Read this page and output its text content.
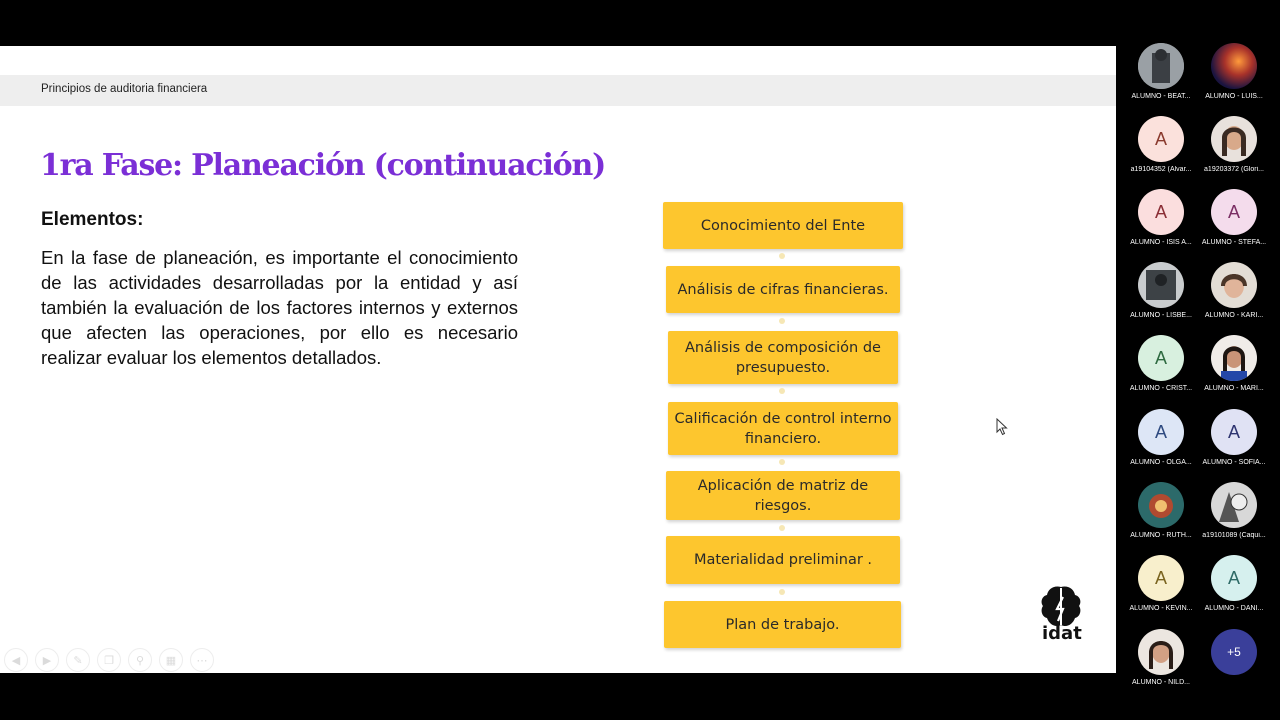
Principios de auditoria financiera
1ra Fase: Planeación (continuación)
Elementos:

En la fase de planeación, es importante el conocimiento de las actividades desarrolladas por la entidad y así también la evaluación de los factores internos y externos que afecten las operaciones, por ello es necesario realizar evaluar los elementos detallados.

Conocimiento del Ente
Análisis de cifras financieras.
Análisis de composición de presupuesto.
Calificación de control interno financiero.
Aplicación de matriz de riesgos.
Materialidad preliminar .
Plan de trabajo.	idat
◀	▶	✎	❐	⚲	▦	⋯
ALUMNO - BEAT...	ALUMNO - LUIS...
A
a19104352 (Álvar...	a19203372 (Glori...
A
ALUMNO - ISIS A...
A
ALUMNO - STEFA...
ALUMNO - LISBE...	ALUMNO - KARI...
A
ALUMNO - CRIST...	ALUMNO - MARI...
A
ALUMNO - OLGA...
A
ALUMNO - SOFIA...
ALUMNO - RUTH...	a19101089 (Caqui...
A
ALUMNO - KEVIN...
A
ALUMNO - DANI...
ALUMNO - NILD...
+5
